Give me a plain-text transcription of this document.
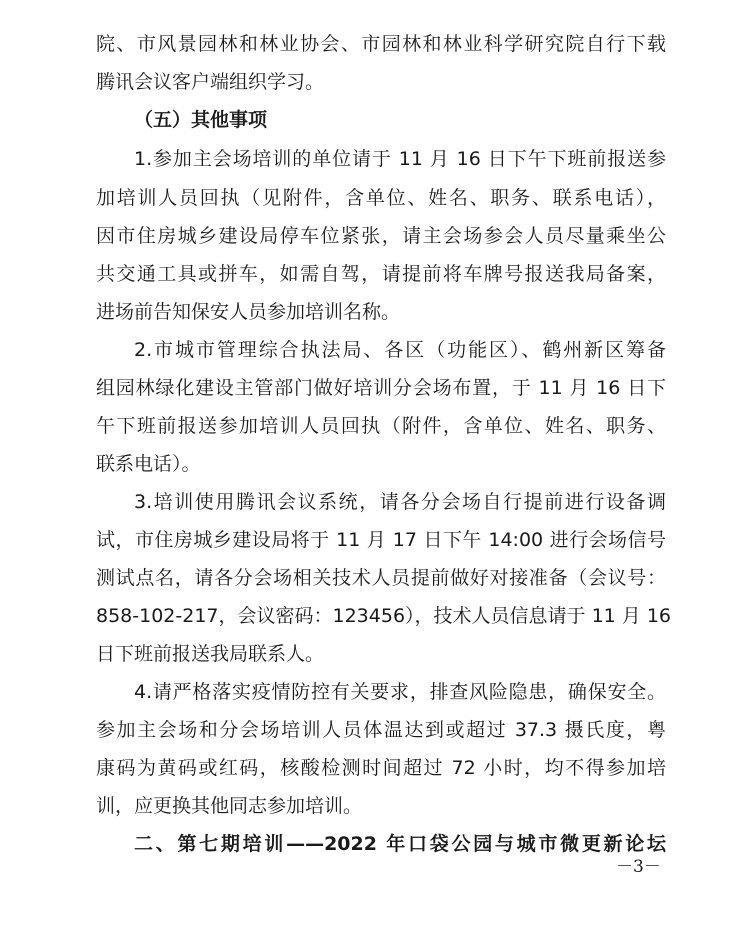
院、市风景园林和林业协会、市园林和林业科学研究院自行下载
腾讯会议客户端组织学习。
（五）其他事项
1.参加主会场培训的单位请于 11 月 16 日下午下班前报送参
加培训人员回执（见附件，含单位、姓名、职务、联系电话），
因市住房城乡建设局停车位紧张，请主会场参会人员尽量乘坐公
共交通工具或拼车，如需自驾，请提前将车牌号报送我局备案，
进场前告知保安人员参加培训名称。
2.市城市管理综合执法局、各区（功能区）、鹤州新区筹备
组园林绿化建设主管部门做好培训分会场布置，于 11 月 16 日下
午下班前报送参加培训人员回执（附件，含单位、姓名、职务、
联系电话）。
3.培训使用腾讯会议系统，请各分会场自行提前进行设备调
试，市住房城乡建设局将于 11 月 17 日下午 14:00 进行会场信号
测试点名，请各分会场相关技术人员提前做好对接准备（会议号：
858-102-217，会议密码：123456），技术人员信息请于 11 月 16
日下班前报送我局联系人。
4.请严格落实疫情防控有关要求，排查风险隐患，确保安全。
参加主会场和分会场培训人员体温达到或超过 37.3 摄氏度，粤
康码为黄码或红码，核酸检测时间超过 72 小时，均不得参加培
训，应更换其他同志参加培训。
二、第七期培训——2022 年口袋公园与城市微更新论坛
－3－
